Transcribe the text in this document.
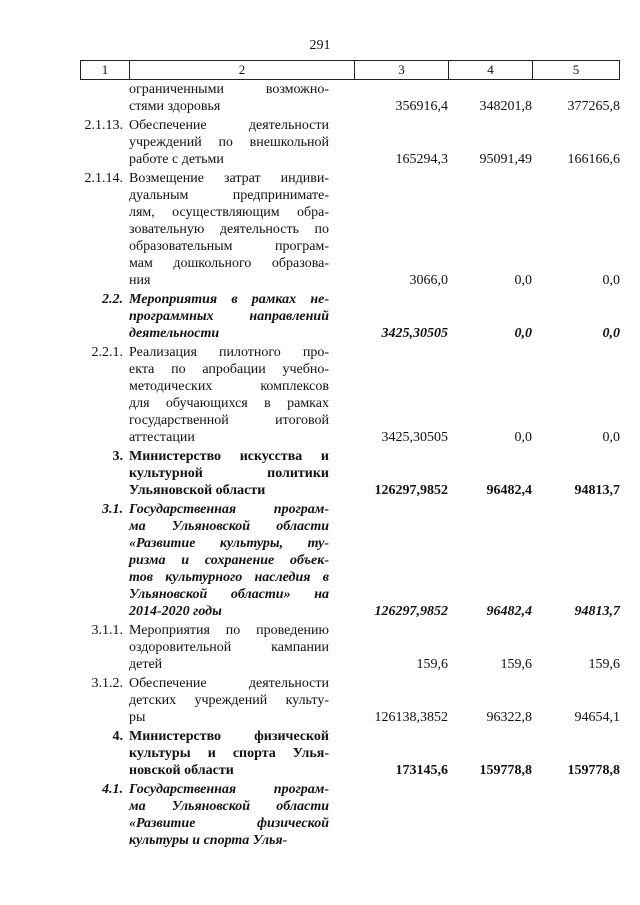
291
1	2	3	4	5
ограниченными возможно-
стями здоровья	356916,4	348201,8	377265,8
2.1.13. Обеспечение деятельности
учреждений по внешкольной
работе с детьми	165294,3	95091,49	166166,6
2.1.14. Возмещение затрат индиви-
дуальным предпринимате-
лям, осуществляющим обра-
зовательную деятельность по
образовательным програм-
мам дошкольного образова-
ния	3066,0	0,0	0,0
2.2. Мероприятия в рамках не-
программных направлений
деятельности	3425,30505	0,0	0,0
2.2.1. Реализация пилотного про-
екта по апробации учебно-
методических комплексов
для обучающихся в рамках
государственной итоговой
аттестации	3425,30505	0,0	0,0
3. Министерство искусства и
культурной политики
Ульяновской области	126297,9852	96482,4	94813,7
3.1. Государственная програм-
ма Ульяновской области
«Развитие культуры, ту-
ризма и сохранение объек-
тов культурного наследия в
Ульяновской области» на
2014-2020 годы	126297,9852	96482,4	94813,7
3.1.1. Мероприятия по проведению
оздоровительной кампании
детей	159,6	159,6	159,6
3.1.2. Обеспечение деятельности
детских учреждений культу-
ры	126138,3852	96322,8	94654,1
4. Министерство физической
культуры и спорта Улья-
новской области	173145,6	159778,8	159778,8
4.1. Государственная програм-
ма Ульяновской области
«Развитие физической
культуры и спорта Улья-
